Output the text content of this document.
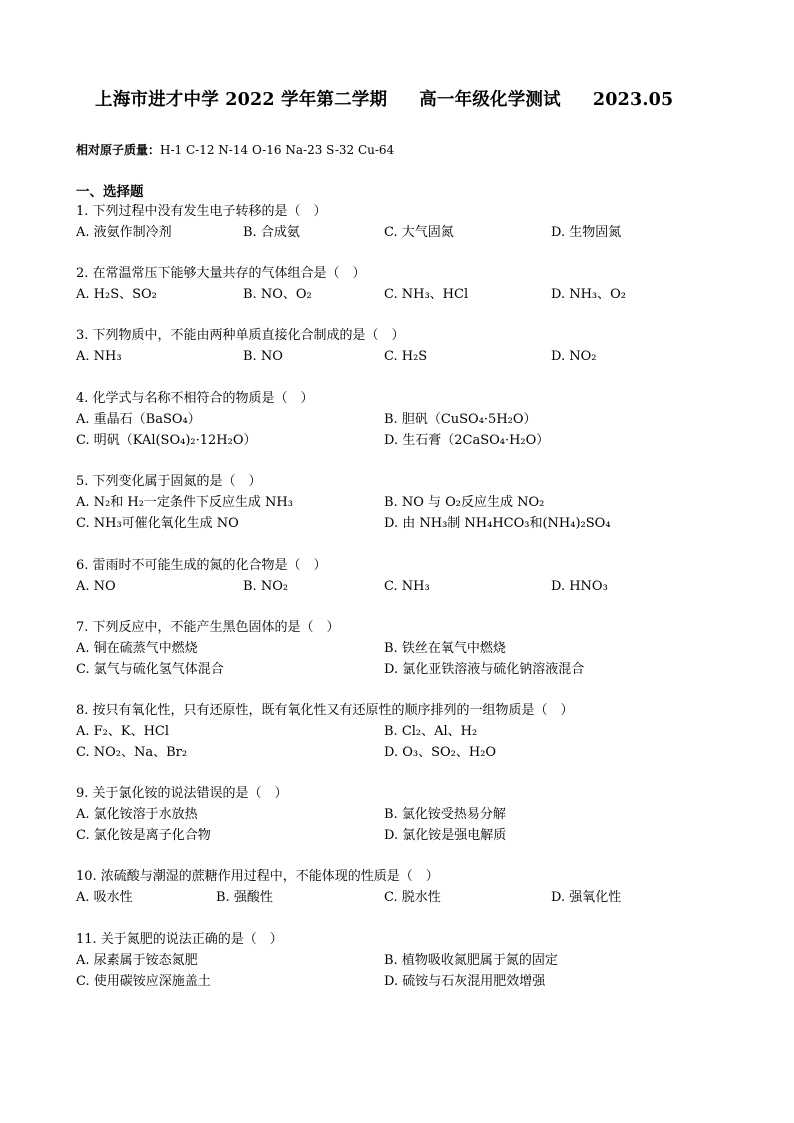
上海市进才中学 2022 学年第二学期 高一年级化学测试 2023.05
相对原子质量：H-1 C-12 N-14 O-16 Na-23 S-32 Cu-64
一、选择题
1. 下列过程中没有发生电子转移的是（　）
A. 液氨作制冷剂	B. 合成氨	C. 大气固氮	D. 生物固氮
2. 在常温常压下能够大量共存的气体组合是（　）
A. H₂S、SO₂	B. NO、O₂	C. NH₃、HCl	D. NH₃、O₂
3. 下列物质中，不能由两种单质直接化合制成的是（　）
A. NH₃	B. NO	C. H₂S	D. NO₂
4. 化学式与名称不相符合的物质是（　）
A. 重晶石（BaSO₄）	B. 胆矾（CuSO₄·5H₂O）
C. 明矾（KAl(SO₄)₂·12H₂O）	D. 生石膏（2CaSO₄·H₂O）
5. 下列变化属于固氮的是（　）
A. N₂和 H₂一定条件下反应生成 NH₃	B. NO 与 O₂反应生成 NO₂
C. NH₃可催化氧化生成 NO	D. 由 NH₃制 NH₄HCO₃和(NH₄)₂SO₄
6. 雷雨时不可能生成的氮的化合物是（　）
A. NO	B. NO₂	C. NH₃	D. HNO₃
7. 下列反应中，不能产生黑色固体的是（　）
A. 铜在硫蒸气中燃烧	B. 铁丝在氧气中燃烧
C. 氯气与硫化氢气体混合	D. 氯化亚铁溶液与硫化钠溶液混合
8. 按只有氧化性，只有还原性，既有氧化性又有还原性的顺序排列的一组物质是（　）
A. F₂、K、HCl	B. Cl₂、Al、H₂
C. NO₂、Na、Br₂	D. O₃、SO₂、H₂O
9. 关于氯化铵的说法错误的是（　）
A. 氯化铵溶于水放热	B. 氯化铵受热易分解
C. 氯化铵是离子化合物	D. 氯化铵是强电解质
10. 浓硫酸与潮湿的蔗糖作用过程中，不能体现的性质是（　）
A. 吸水性	B. 强酸性	C. 脱水性	D. 强氧化性
11. 关于氮肥的说法正确的是（　）
A. 尿素属于铵态氮肥	B. 植物吸收氮肥属于氮的固定
C. 使用碳铵应深施盖土	D. 硫铵与石灰混用肥效增强
